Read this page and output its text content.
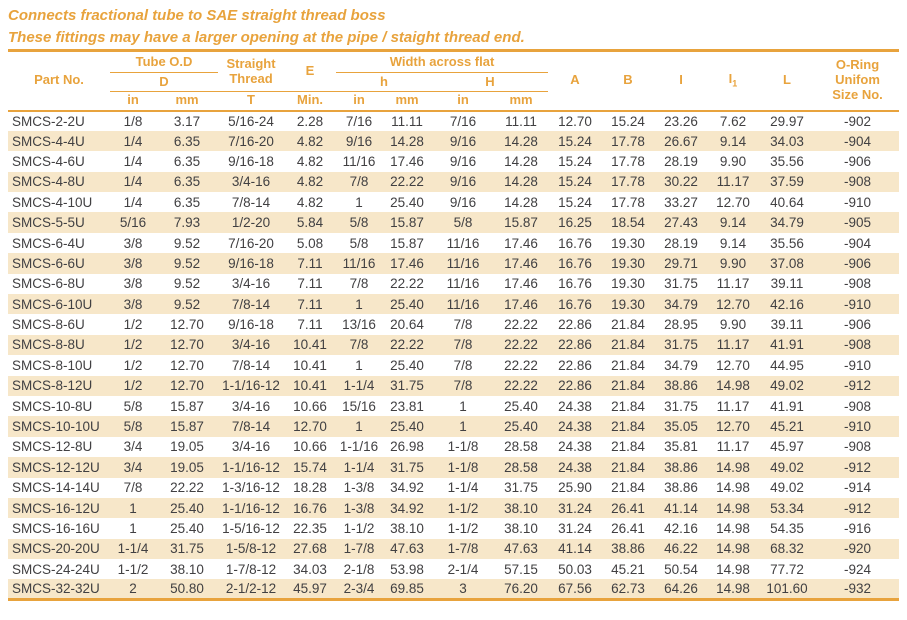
Connects fractional tube to SAE straight thread boss
These fittings may have a larger opening at the pipe / staight thread end.
Part No.	Tube O.D		Straight
Thread	E	Width across flat				A	B	I	$I_1$	L	O-Ring
Unifom
Size No.

	D				h		H							
	in	mm	T	Min.	in	mm	in	mm						
SMCS-2-2U	1/8	3.17	5/16-24	2.28	7/16	11.11	7/16	11.11	12.70	15.24	23.26	7.62	29.97	-902
SMCS-4-4U	1/4	6.35	7/16-20	4.82	9/16	14.28	9/16	14.28	15.24	17.78	26.67	9.14	34.03	-904
SMCS-4-6U	1/4	6.35	9/16-18	4.82	11/16	17.46	9/16	14.28	15.24	17.78	28.19	9.90	35.56	-906
SMCS-4-8U	1/4	6.35	3/4-16	4.82	7/8	22.22	9/16	14.28	15.24	17.78	30.22	11.17	37.59	-908
SMCS-4-10U	1/4	6.35	7/8-14	4.82	1	25.40	9/16	14.28	15.24	17.78	33.27	12.70	40.64	-910
SMCS-5-5U	5/16	7.93	1/2-20	5.84	5/8	15.87	5/8	15.87	16.25	18.54	27.43	9.14	34.79	-905
SMCS-6-4U	3/8	9.52	7/16-20	5.08	5/8	15.87	11/16	17.46	16.76	19.30	28.19	9.14	35.56	-904
SMCS-6-6U	3/8	9.52	9/16-18	7.11	11/16	17.46	11/16	17.46	16.76	19.30	29.71	9.90	37.08	-906
SMCS-6-8U	3/8	9.52	3/4-16	7.11	7/8	22.22	11/16	17.46	16.76	19.30	31.75	11.17	39.11	-908
SMCS-6-10U	3/8	9.52	7/8-14	7.11	1	25.40	11/16	17.46	16.76	19.30	34.79	12.70	42.16	-910
SMCS-8-6U	1/2	12.70	9/16-18	7.11	13/16	20.64	7/8	22.22	22.86	21.84	28.95	9.90	39.11	-906
SMCS-8-8U	1/2	12.70	3/4-16	10.41	7/8	22.22	7/8	22.22	22.86	21.84	31.75	11.17	41.91	-908
SMCS-8-10U	1/2	12.70	7/8-14	10.41	1	25.40	7/8	22.22	22.86	21.84	34.79	12.70	44.95	-910
SMCS-8-12U	1/2	12.70	1-1/16-12	10.41	1-1/4	31.75	7/8	22.22	22.86	21.84	38.86	14.98	49.02	-912
SMCS-10-8U	5/8	15.87	3/4-16	10.66	15/16	23.81	1	25.40	24.38	21.84	31.75	11.17	41.91	-908
SMCS-10-10U	5/8	15.87	7/8-14	12.70	1	25.40	1	25.40	24.38	21.84	35.05	12.70	45.21	-910
SMCS-12-8U	3/4	19.05	3/4-16	10.66	1-1/16	26.98	1-1/8	28.58	24.38	21.84	35.81	11.17	45.97	-908
SMCS-12-12U	3/4	19.05	1-1/16-12	15.74	1-1/4	31.75	1-1/8	28.58	24.38	21.84	38.86	14.98	49.02	-912
SMCS-14-14U	7/8	22.22	1-3/16-12	18.28	1-3/8	34.92	1-1/4	31.75	25.90	21.84	38.86	14.98	49.02	-914
SMCS-16-12U	1	25.40	1-1/16-12	16.76	1-3/8	34.92	1-1/2	38.10	31.24	26.41	41.14	14.98	53.34	-912
SMCS-16-16U	1	25.40	1-5/16-12	22.35	1-1/2	38.10	1-1/2	38.10	31.24	26.41	42.16	14.98	54.35	-916
SMCS-20-20U	1-1/4	31.75	1-5/8-12	27.68	1-7/8	47.63	1-7/8	47.63	41.14	38.86	46.22	14.98	68.32	-920
SMCS-24-24U	1-1/2	38.10	1-7/8-12	34.03	2-1/8	53.98	2-1/4	57.15	50.03	45.21	50.54	14.98	77.72	-924
SMCS-32-32U	2	50.80	2-1/2-12	45.97	2-3/4	69.85	3	76.20	67.56	62.73	64.26	14.98	101.60	-932
